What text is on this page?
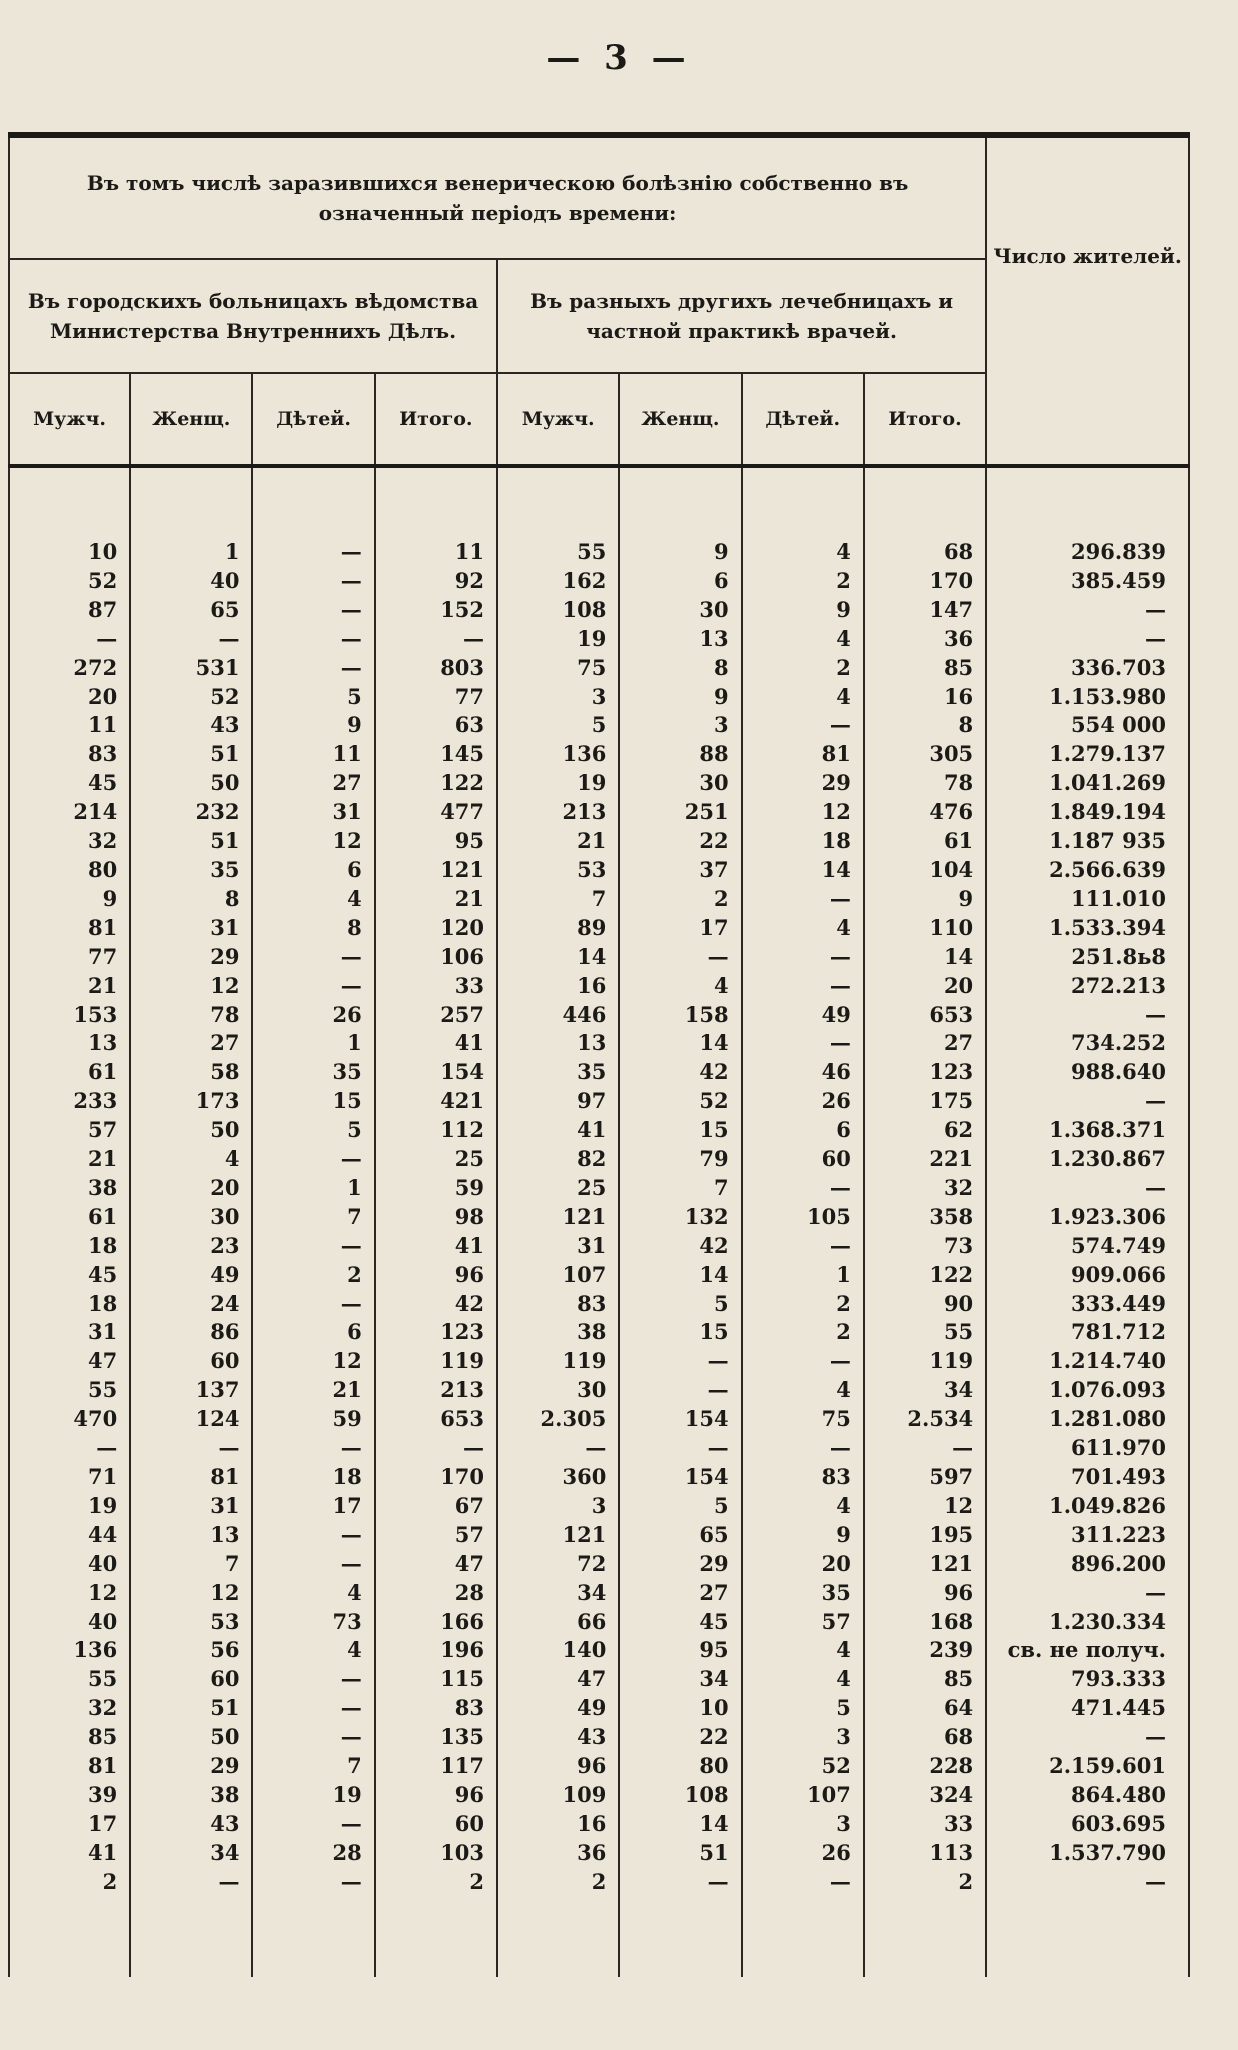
— 3 —
Въ томъ числѣ заразившихся венерическою болѣзнію собственно въ означенный періодъ времени:								Число жителей.
Въ городскихъ больницахъ вѣдомства Министерства Внутреннихъ Дѣлъ.				Въ разныхъ другихъ лечебницахъ и частной практикѣ врачей.				
Мужч.	Женщ.	Дѣтей.	Итого.	Мужч.	Женщ.	Дѣтей.	Итого.	

10	1	—	11	55	9	4	68	296.839
52	40	—	92	162	6	2	170	385.459
87	65	—	152	108	30	9	147	—
—	—	—	—	19	13	4	36	—
272	531	—	803	75	8	2	85	336.703
20	52	5	77	3	9	4	16	1.153.980
11	43	9	63	5	3	—	8	554 000
83	51	11	145	136	88	81	305	1.279.137
45	50	27	122	19	30	29	78	1.041.269
214	232	31	477	213	251	12	476	1.849.194
32	51	12	95	21	22	18	61	1.187 935
80	35	6	121	53	37	14	104	2.566.639
9	8	4	21	7	2	—	9	111.010
81	31	8	120	89	17	4	110	1.533.394
77	29	—	106	14	—	—	14	251.8ь8
21	12	—	33	16	4	—	20	272.213
153	78	26	257	446	158	49	653	—
13	27	1	41	13	14	—	27	734.252
61	58	35	154	35	42	46	123	988.640
233	173	15	421	97	52	26	175	—
57	50	5	112	41	15	6	62	1.368.371
21	4	—	25	82	79	60	221	1.230.867
38	20	1	59	25	7	—	32	—
61	30	7	98	121	132	105	358	1.923.306
18	23	—	41	31	42	—	73	574.749
45	49	2	96	107	14	1	122	909.066
18	24	—	42	83	5	2	90	333.449
31	86	6	123	38	15	2	55	781.712
47	60	12	119	119	—	—	119	1.214.740
55	137	21	213	30	—	4	34	1.076.093
470	124	59	653	2.305	154	75	2.534	1.281.080
—	—	—	—	—	—	—	—	611.970
71	81	18	170	360	154	83	597	701.493
19	31	17	67	3	5	4	12	1.049.826
44	13	—	57	121	65	9	195	311.223
40	7	—	47	72	29	20	121	896.200
12	12	4	28	34	27	35	96	—
40	53	73	166	66	45	57	168	1.230.334
136	56	4	196	140	95	4	239	св. не получ.
55	60	—	115	47	34	4	85	793.333
32	51	—	83	49	10	5	64	471.445
85	50	—	135	43	22	3	68	—
81	29	7	117	96	80	52	228	2.159.601
39	38	19	96	109	108	107	324	864.480
17	43	—	60	16	14	3	33	603.695
41	34	28	103	36	51	26	113	1.537.790
2	—	—	2	2	—	—	2	—
